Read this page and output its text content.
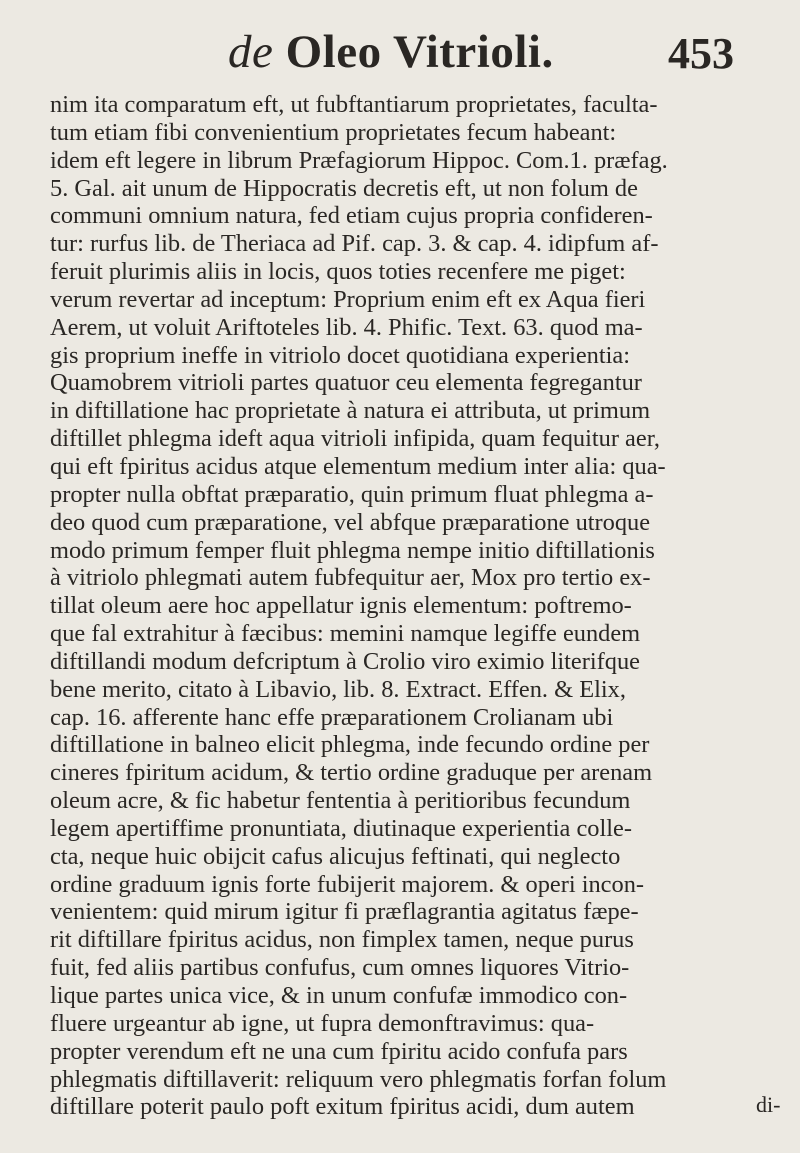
de Oleo Vitrioli.	453
nim ita comparatum eft, ut fubftantiarum proprietates, faculta-
tum etiam fibi convenientium proprietates fecum habeant:
idem eft legere in librum Præfagiorum Hippoc. Com.1. præfag.
5. Gal. ait unum de Hippocratis decretis eft, ut non folum de
communi omnium natura, fed etiam cujus propria confideren-
tur: rurfus lib. de Theriaca ad Pif. cap. 3. & cap. 4. idipfum af-
feruit plurimis aliis in locis, quos toties recenfere me piget:
verum revertar ad inceptum: Proprium enim eft ex Aqua fieri
Aerem, ut voluit Ariftoteles lib. 4. Phific. Text. 63. quod ma-
gis proprium ineffe in vitriolo docet quotidiana experientia:
Quamobrem vitrioli partes quatuor ceu elementa fegregantur
in diftillatione hac proprietate à natura ei attributa, ut primum
diftillet phlegma ideft aqua vitrioli infipida, quam fequitur aer,
qui eft fpiritus acidus atque elementum medium inter alia: qua-
propter nulla obftat præparatio, quin primum fluat phlegma a-
deo quod cum præparatione, vel abfque præparatione utroque
modo primum femper fluit phlegma nempe initio diftillationis
à vitriolo phlegmati autem fubfequitur aer, Mox pro tertio ex-
tillat oleum aere hoc appellatur ignis elementum: poftremo-
que fal extrahitur à fæcibus: memini namque legiffe eundem
diftillandi modum defcriptum à Crolio viro eximio literifque
bene merito, citato à Libavio, lib. 8. Extract. Effen. & Elix,
cap. 16. afferente hanc effe præparationem Crolianam ubi
diftillatione in balneo elicit phlegma, inde fecundo ordine per
cineres fpiritum acidum, & tertio ordine graduque per arenam
oleum acre, & fic habetur fententia à peritioribus fecundum
legem apertiffime pronuntiata, diutinaque experientia colle-
cta, neque huic obijcit cafus alicujus feftinati, qui neglecto
ordine graduum ignis forte fubijerit majorem. & operi incon-
venientem: quid mirum igitur fi præflagrantia agitatus fæpe-
rit diftillare fpiritus acidus, non fimplex tamen, neque purus
fuit, fed aliis partibus confufus, cum omnes liquores Vitrio-
lique partes unica vice, & in unum confufæ immodico con-
fluere urgeantur ab igne, ut fupra demonftravimus: qua-
propter verendum eft ne una cum fpiritu acido confufa pars
phlegmatis diftillaverit: reliquum vero phlegmatis forfan folum
diftillare poterit paulo poft exitum fpiritus acidi, dum autem	di-
